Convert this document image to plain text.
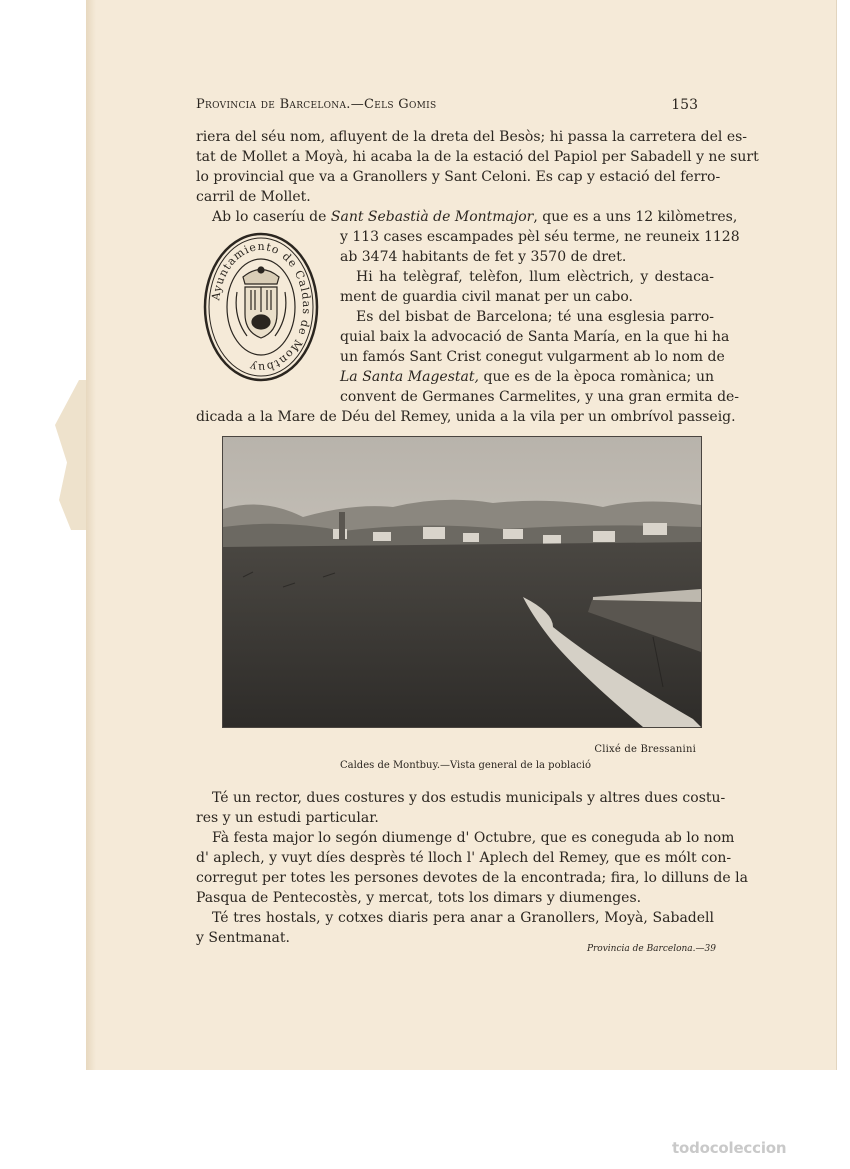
Provincia de Barcelona.—Cels Gomis	153
riera del séu nom, afluyent de la dreta del Besòs; hi passa la carretera del es-
tat de Mollet a Moyà, hi acaba la de la estació del Papiol per Sabadell y ne surt
lo provincial que va a Granollers y Sant Celoni. Es cap y estació del ferro-
carril de Mollet.
Ab lo caseríu de Sant Sebastià de Montmajor, que es a uns 12 kilòmetres,
y 113 cases escampades pèl séu terme, ne reuneix 1128
ab 3474 habitants de fet y 3570 de dret.
Ayuntamiento de Caldas de Montbuy
Hi ha telègraf, telèfon, llum elèctrich, y destaca-
ment de guardia civil manat per un cabo.
Es del bisbat de Barcelona; té una esglesia parro-
quial baix la advocació de Santa María, en la que hi ha
un famós Sant Crist conegut vulgarment ab lo nom de
La Santa Magestat, que es de la època romànica; un
convent de Germanes Carmelites, y una gran ermita de-
dicada a la Mare de Déu del Remey, unida a la vila per un ombrívol passeig.
Clixé de Bressanini
Caldes de Montbuy.—Vista general de la població
Té un rector, dues costures y dos estudis municipals y altres dues costu-
res y un estudi particular.
Fà festa major lo segón diumenge d' Octubre, que es coneguda ab lo nom
d' aplech, y vuyt díes desprès té lloch l' Aplech del Remey, que es mólt con-
corregut per totes les persones devotes de la encontrada; fira, lo dilluns de la
Pasqua de Pentecostès, y mercat, tots los dimars y diumenges.
Té tres hostals, y cotxes diaris pera anar a Granollers, Moyà, Sabadell
y Sentmanat.
Provincia de Barcelona.—39
todocoleccion
